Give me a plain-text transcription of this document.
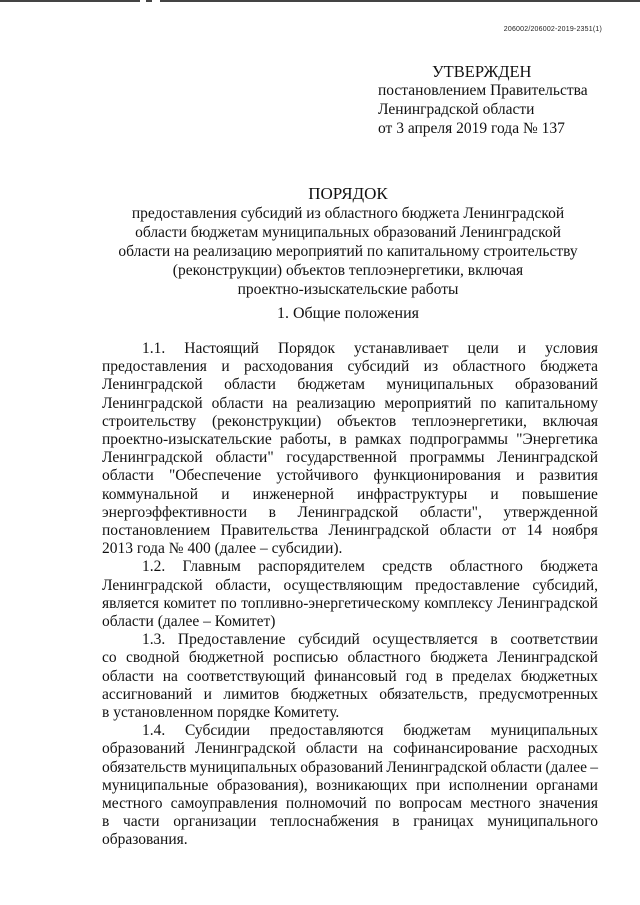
206002/206002-2019-2351(1)
УТВЕРЖДЕН
постановлением Правительства
Ленинградской области
от 3 апреля 2019 года № 137
ПОРЯДОК
предоставления субсидий из областного бюджета Ленинградской
области бюджетам муниципальных образований Ленинградской
области на реализацию мероприятий по капитальному строительству
(реконструкции) объектов теплоэнергетики, включая
проектно-изыскательские работы
1. Общие положения
1.1. Настоящий Порядок устанавливает цели и условия
предоставления и расходования субсидий из областного бюджета
Ленинградской области бюджетам муниципальных образований
Ленинградской области на реализацию мероприятий по капитальному
строительству (реконструкции) объектов теплоэнергетики, включая
проектно-изыскательские работы, в рамках подпрограммы "Энергетика
Ленинградской области" государственной программы Ленинградской
области "Обеспечение устойчивого функционирования и развития
коммунальной и инженерной инфраструктуры и повышение
энергоэффективности в Ленинградской области", утвержденной
постановлением Правительства Ленинградской области от 14 ноября
2013 года № 400 (далее – субсидии).
1.2. Главным распорядителем средств областного бюджета
Ленинградской области, осуществляющим предоставление субсидий,
является комитет по топливно-энергетическому комплексу Ленинградской
области (далее – Комитет)
1.3. Предоставление субсидий осуществляется в соответствии
со сводной бюджетной росписью областного бюджета Ленинградской
области на соответствующий финансовый год в пределах бюджетных
ассигнований и лимитов бюджетных обязательств, предусмотренных
в установленном порядке Комитету.
1.4. Субсидии предоставляются бюджетам муниципальных
образований Ленинградской области на софинансирование расходных
обязательств муниципальных образований Ленинградской области (далее –
муниципальные образования), возникающих при исполнении органами
местного самоуправления полномочий по вопросам местного значения
в части организации теплоснабжения в границах муниципального
образования.
